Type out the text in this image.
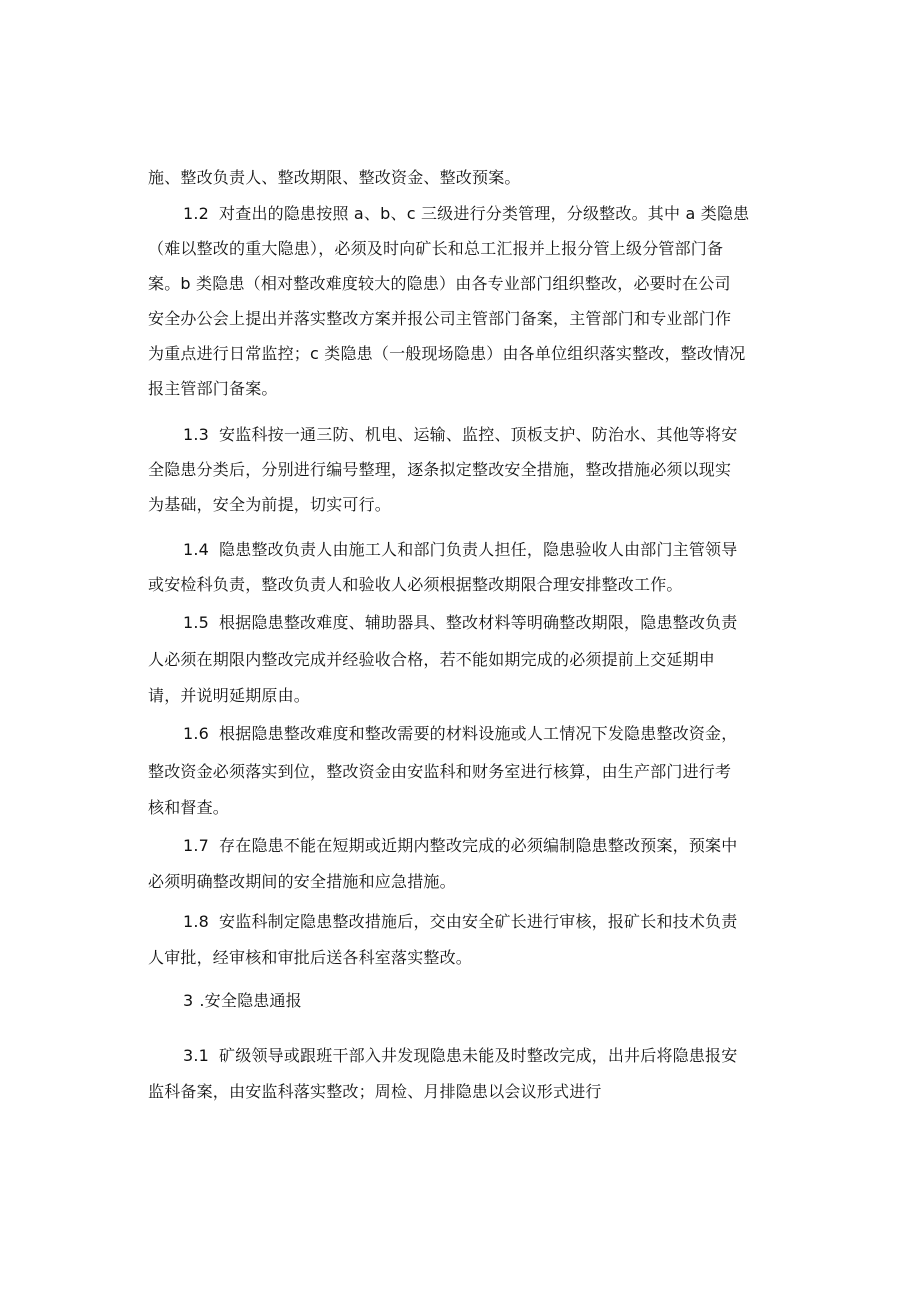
施、整改负责人、整改期限、整改资金、整改预案。
1.2 对查出的隐患按照 a、b、c 三级进行分类管理，分级整改。其中 a 类隐患
（难以整改的重大隐患），必须及时向矿长和总工汇报并上报分管上级分管部门备
案。b 类隐患（相对整改难度较大的隐患）由各专业部门组织整改，必要时在公司
安全办公会上提出并落实整改方案并报公司主管部门备案，主管部门和专业部门作
为重点进行日常监控；c 类隐患（一般现场隐患）由各单位组织落实整改，整改情况
报主管部门备案。
1.3 安监科按一通三防、机电、运输、监控、顶板支护、防治水、其他等将安
全隐患分类后，分别进行编号整理，逐条拟定整改安全措施，整改措施必须以现实
为基础，安全为前提，切实可行。
1.4 隐患整改负责人由施工人和部门负责人担任，隐患验收人由部门主管领导
或安检科负责，整改负责人和验收人必须根据整改期限合理安排整改工作。
1.5 根据隐患整改难度、辅助器具、整改材料等明确整改期限，隐患整改负责
人必须在期限内整改完成并经验收合格，若不能如期完成的必须提前上交延期申
请，并说明延期原由。
1.6 根据隐患整改难度和整改需要的材料设施或人工情况下发隐患整改资金，
整改资金必须落实到位，整改资金由安监科和财务室进行核算，由生产部门进行考
核和督查。
1.7 存在隐患不能在短期或近期内整改完成的必须编制隐患整改预案，预案中
必须明确整改期间的安全措施和应急措施。
1.8 安监科制定隐患整改措施后，交由安全矿长进行审核，报矿长和技术负责
人审批，经审核和审批后送各科室落实整改。
3 .安全隐患通报
3.1 矿级领导或跟班干部入井发现隐患未能及时整改完成，出井后将隐患报安
监科备案，由安监科落实整改；周检、月排隐患以会议形式进行
